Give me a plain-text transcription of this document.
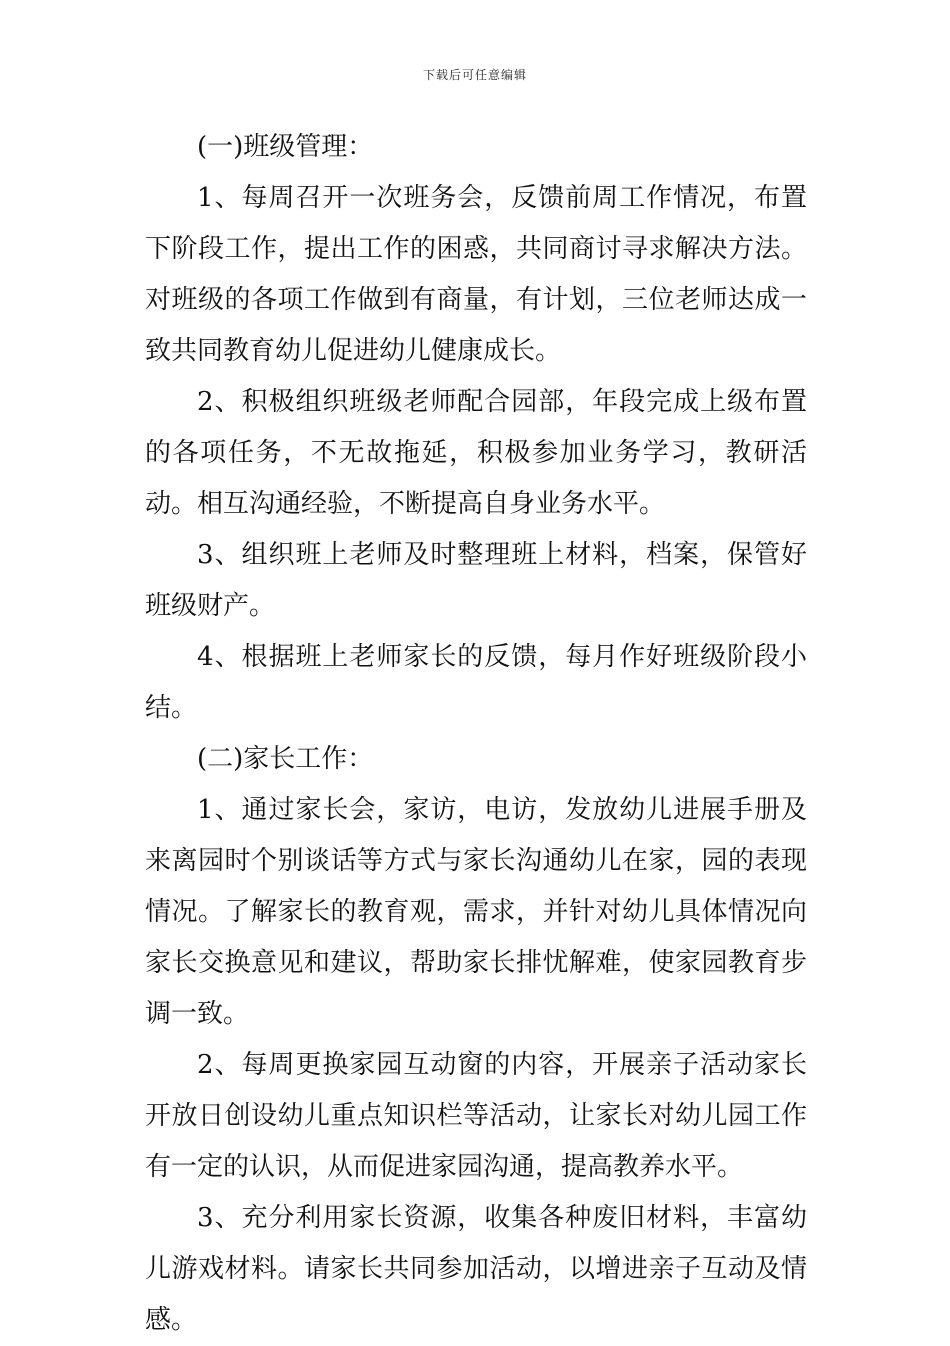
下载后可任意编辑

(一)班级管理：

1、每周召开一次班务会，反馈前周工作情况，布置下阶段工作，提出工作的困惑，共同商讨寻求解决方法。对班级的各项工作做到有商量，有计划，三位老师达成一致共同教育幼儿促进幼儿健康成长。

2、积极组织班级老师配合园部，年段完成上级布置的各项任务，不无故拖延，积极参加业务学习，教研活动。相互沟通经验，不断提高自身业务水平。

3、组织班上老师及时整理班上材料，档案，保管好班级财产。

4、根据班上老师家长的反馈，每月作好班级阶段小结。

(二)家长工作：

1、通过家长会，家访，电访，发放幼儿进展手册及来离园时个别谈话等方式与家长沟通幼儿在家，园的表现情况。了解家长的教育观，需求，并针对幼儿具体情况向家长交换意见和建议，帮助家长排忧解难，使家园教育步调一致。

2、每周更换家园互动窗的内容，开展亲子活动家长开放日创设幼儿重点知识栏等活动，让家长对幼儿园工作有一定的认识，从而促进家园沟通，提高教养水平。

3、充分利用家长资源，收集各种废旧材料，丰富幼儿游戏材料。请家长共同参加活动，以增进亲子互动及情感。
